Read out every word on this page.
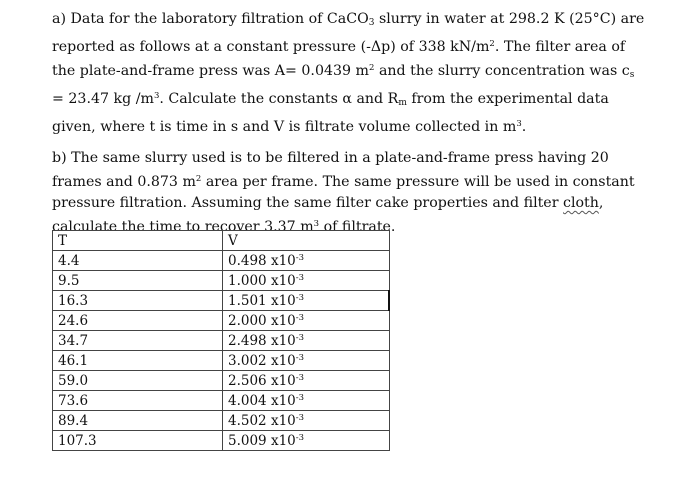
a) Data for the laboratory filtration of CaCO$_3$ slurry in water at 298.2 K (25°C) are
reported as follows at a constant pressure (-Δp) of 338 $kN/m^2$. The filter area of
the plate-and-frame press was A= 0.0439 $m^2$ and the slurry concentration was $c_s$
= 23.47 kg $/m^3$. Calculate the constants α and $R_m$ from the experimental data
given, where t is time in s and V is filtrate volume collected in $m^3$.
b) The same slurry used is to be filtered in a plate-and-frame press having 20
frames and 0.873 $m^2$ area per frame. The same pressure will be used in constant
pressure filtration. Assuming the same filter cake properties and filter cloth,
calculate the time to recover 3.37 $m^3$ of filtrate.
T	V
4.4	0.498 $x10^{-3}$
9.5	1.000 $x10^{-3}$
16.3	1.501 $x10^{-3}$
24.6	2.000 $x10^{-3}$
34.7	2.498 $x10^{-3}$
46.1	3.002 $x10^{-3}$
59.0	2.506 $x10^{-3}$
73.6	4.004 $x10^{-3}$
89.4	4.502 $x10^{-3}$
107.3	5.009 $x10^{-3}$
